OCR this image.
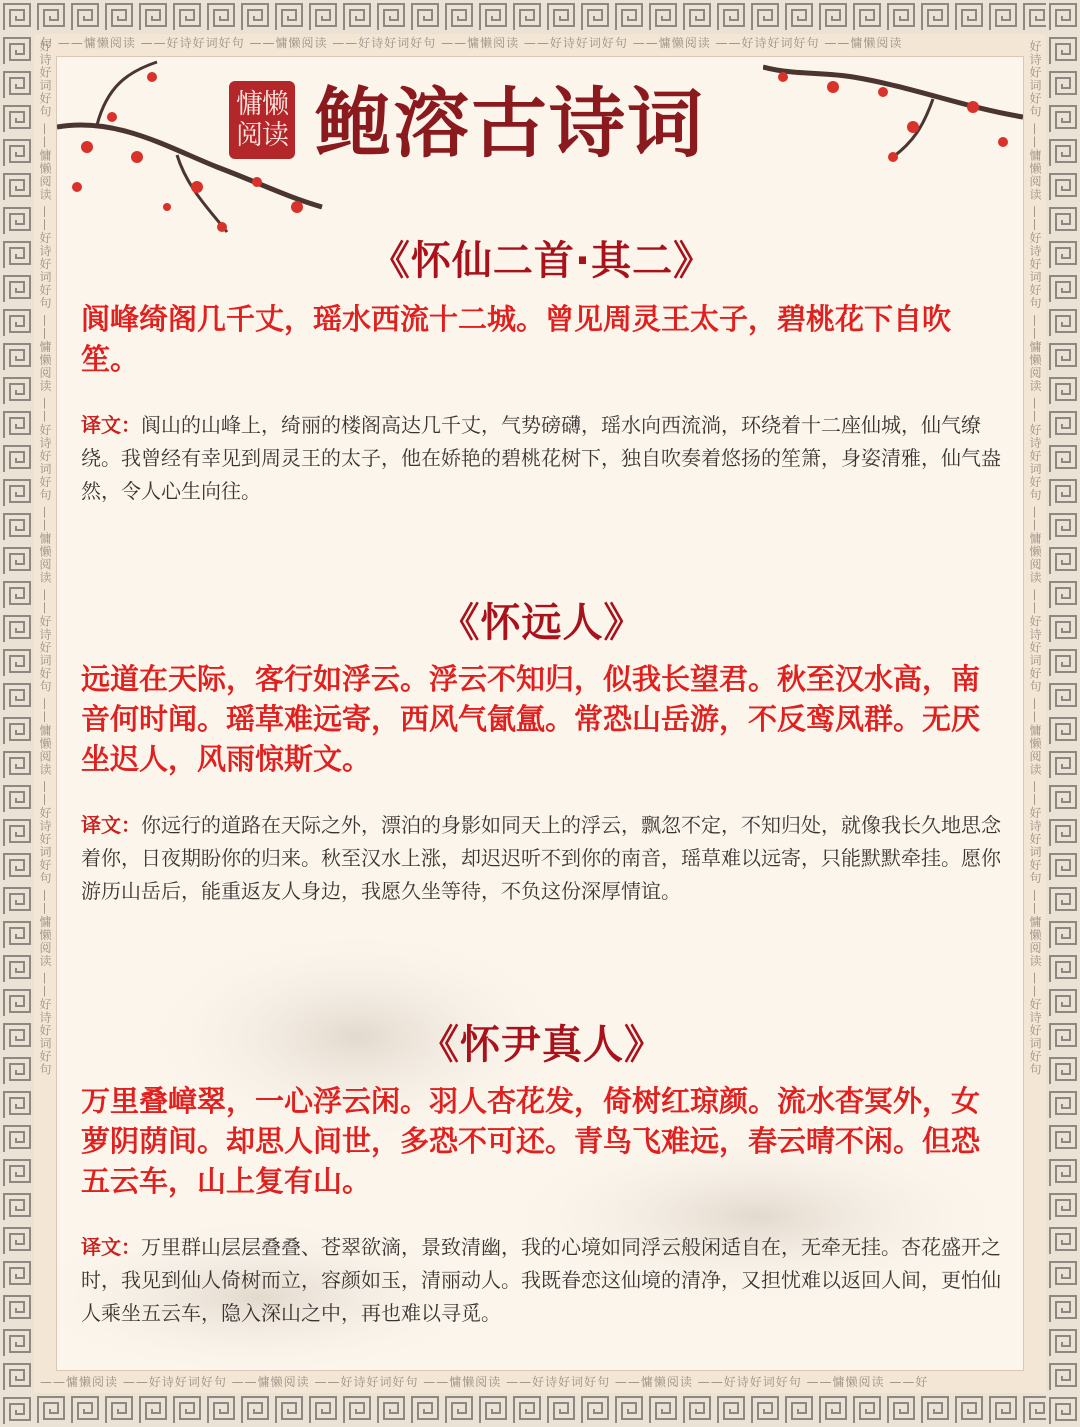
句 ——慵懒阅读 ——好诗好词好句 ——慵懒阅读 ——好诗好词好句 ——慵懒阅读 ——好诗好词好句 ——慵懒阅读 ——好诗好词好句 ——慵懒阅读
——慵懒阅读 ——好诗好词好句 ——慵懒阅读 ——好诗好词好句 ——慵懒阅读 ——好诗好词好句 ——慵懒阅读 ——好诗好词好句 ——慵懒阅读 ——好
好诗好词好句 ——慵懒阅读 ——好诗好词好句 ——慵懒阅读 ——好诗好词好句 ——慵懒阅读 ——好诗好词好句 ——慵懒阅读 ——好诗好词好句 ——慵懒阅读 ——好诗好词好句	好诗好词好句 ——慵懒阅读 ——好诗好词好句 ——慵懒阅读 ——好诗好词好句 ——慵懒阅读 ——好诗好词好句 ——慵懒阅读 ——好诗好词好句 ——慵懒阅读 ——好诗好词好句
慵懒阅读 鲍溶古诗词
《怀仙二首·其二》
阆峰绮阁几千丈，瑶水西流十二城。曾见周灵王太子，碧桃花下自吹笙。
译文：阆山的山峰上，绮丽的楼阁高达几千丈，气势磅礴，瑶水向西流淌，环绕着十二座仙城，仙气缭绕。我曾经有幸见到周灵王的太子，他在娇艳的碧桃花树下，独自吹奏着悠扬的笙箫，身姿清雅，仙气盎然，令人心生向往。
《怀远人》
远道在天际，客行如浮云。浮云不知归，似我长望君。秋至汉水高，南音何时闻。瑶草难远寄，西风气氤氲。常恐山岳游，不反鸾凤群。无厌坐迟人，风雨惊斯文。
译文：你远行的道路在天际之外，漂泊的身影如同天上的浮云，飘忽不定，不知归处，就像我长久地思念着你，日夜期盼你的归来。秋至汉水上涨，却迟迟听不到你的南音，瑶草难以远寄，只能默默牵挂。愿你游历山岳后，能重返友人身边，我愿久坐等待，不负这份深厚情谊。
《怀尹真人》
万里叠嶂翠，一心浮云闲。羽人杏花发，倚树红琼颜。流水杳冥外，女萝阴荫间。却思人间世，多恐不可还。青鸟飞难远，春云晴不闲。但恐五云车，山上复有山。
译文：万里群山层层叠叠、苍翠欲滴，景致清幽，我的心境如同浮云般闲适自在，无牵无挂。杏花盛开之时，我见到仙人倚树而立，容颜如玉，清丽动人。我既眷恋这仙境的清净，又担忧难以返回人间，更怕仙人乘坐五云车，隐入深山之中，再也难以寻觅。
